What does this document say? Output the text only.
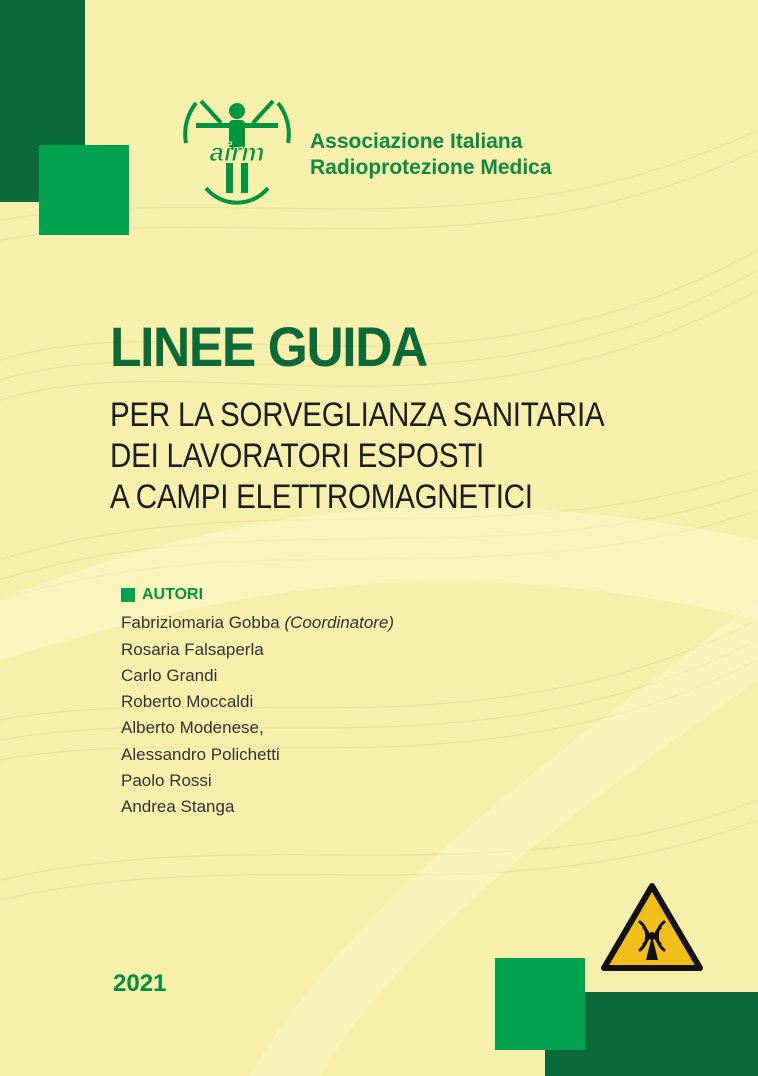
airm Associazione Italiana
Radioprotezione Medica
LINEE GUIDA
PER LA SORVEGLIANZA SANITARIA
DEI LAVORATORI ESPOSTI
A CAMPI ELETTROMAGNETICI
AUTORI
Fabriziomaria Gobba (Coordinatore)
Rosaria Falsaperla
Carlo Grandi
Roberto Moccaldi
Alberto Modenese,
Alessandro Polichetti
Paolo Rossi
Andrea Stanga
2021
